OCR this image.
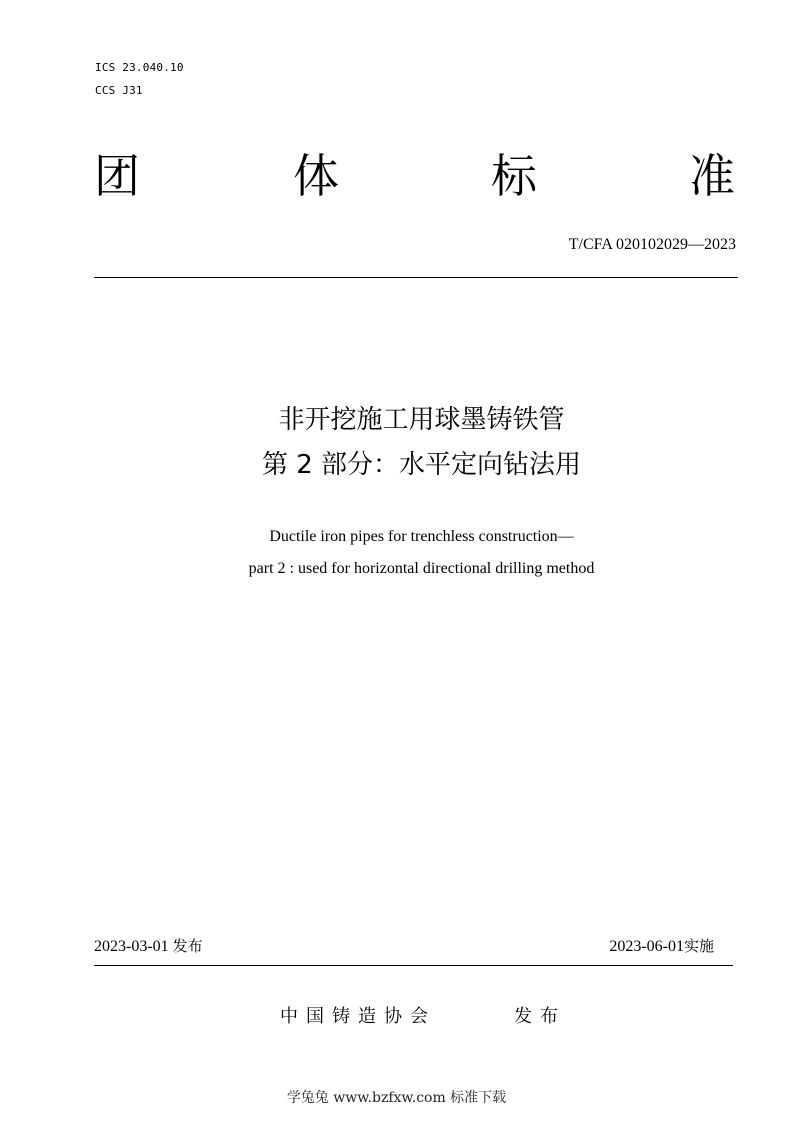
ICS 23.040.10
CCS J31
团	体	标	准
T/CFA 020102029—2023
非开挖施工用球墨铸铁管
第 2 部分：水平定向钻法用
Ductile iron pipes for trenchless construction—
part 2 : used for horizontal directional drilling method
2023-03-01 发布	2023-06-01实施
中国铸造协会	发布
学兔兔 www.bzfxw.com 标准下载
